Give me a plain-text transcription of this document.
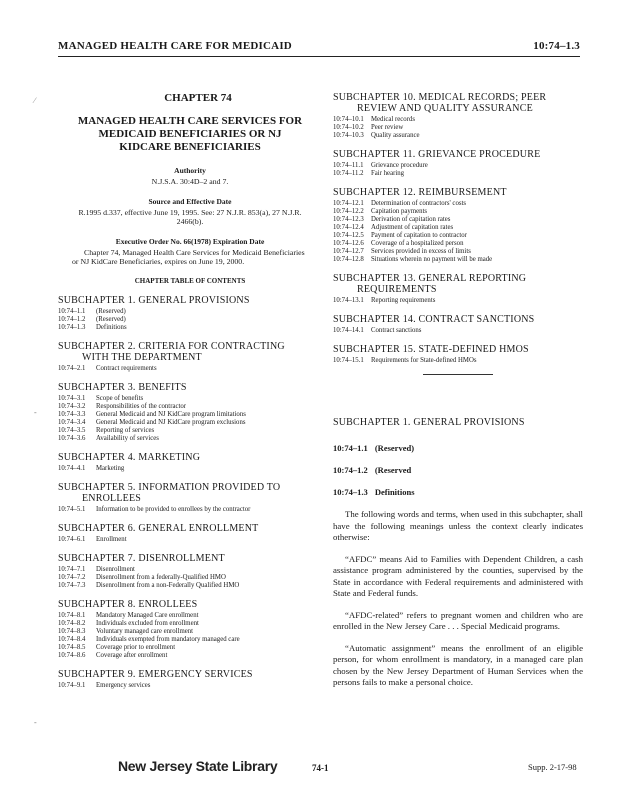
MANAGED HEALTH CARE FOR MEDICAID	10:74–1.3
CHAPTER 74
MANAGED HEALTH CARE SERVICES FOR MEDICAID BENEFICIARIES OR NJ KIDCARE BENEFICIARIES
Authority
N.J.S.A. 30:4D–2 and 7.
Source and Effective Date
R.1995 d.337, effective June 19, 1995. See: 27 N.J.R. 853(a), 27 N.J.R. 2466(b).
Executive Order No. 66(1978) Expiration Date
Chapter 74, Managed Health Care Services for Medicaid Beneficiaries or NJ KidCare Beneficiaries, expires on June 19, 2000.
CHAPTER TABLE OF CONTENTS
SUBCHAPTER 1. GENERAL PROVISIONS
10:74–1.1	(Reserved)
10:74–1.2	(Reserved)
10:74–1.3	Definitions
SUBCHAPTER 2. CRITERIA FOR CONTRACTING
WITH THE DEPARTMENT
10:74–2.1	Contract requirements
SUBCHAPTER 3. BENEFITS
10:74–3.1	Scope of benefits
10:74–3.2	Responsibilities of the contractor
10:74–3.3	General Medicaid and NJ KidCare program limitations
10:74–3.4	General Medicaid and NJ KidCare program exclusions
10:74–3.5	Reporting of services
10:74–3.6	Availability of services
SUBCHAPTER 4. MARKETING
10:74–4.1	Marketing
SUBCHAPTER 5. INFORMATION PROVIDED TO
ENROLLEES
10:74–5.1	Information to be provided to enrollees by the contractor
SUBCHAPTER 6. GENERAL ENROLLMENT
10:74–6.1	Enrollment
SUBCHAPTER 7. DISENROLLMENT
10:74–7.1	Disenrollment
10:74–7.2	Disenrollment from a federally-Qualified HMO
10:74–7.3	Disenrollment from a non-Federally Qualified HMO
SUBCHAPTER 8. ENROLLEES
10:74–8.1	Mandatory Managed Care enrollment
10:74–8.2	Individuals excluded from enrollment
10:74–8.3	Voluntary managed care enrollment
10:74–8.4	Individuals exempted from mandatory managed care
10:74–8.5	Coverage prior to enrollment
10:74–8.6	Coverage after enrollment
SUBCHAPTER 9. EMERGENCY SERVICES
10:74–9.1	Emergency services
SUBCHAPTER 10. MEDICAL RECORDS; PEER
REVIEW AND QUALITY ASSURANCE
10:74–10.1	Medical records
10:74–10.2	Peer review
10:74–10.3	Quality assurance
SUBCHAPTER 11. GRIEVANCE PROCEDURE
10:74–11.1	Grievance procedure
10:74–11.2	Fair hearing
SUBCHAPTER 12. REIMBURSEMENT
10:74–12.1	Determination of contractors' costs
10:74–12.2	Capitation payments
10:74–12.3	Derivation of capitation rates
10:74–12.4	Adjustment of capitation rates
10:74–12.5	Payment of capitation to contractor
10:74–12.6	Coverage of a hospitalized person
10:74–12.7	Services provided in excess of limits
10:74–12.8	Situations wherein no payment will be made
SUBCHAPTER 13. GENERAL REPORTING
REQUIREMENTS
10:74–13.1	Reporting requirements
SUBCHAPTER 14. CONTRACT SANCTIONS
10:74–14.1	Contract sanctions
SUBCHAPTER 15. STATE-DEFINED HMOS
10:74–15.1	Requirements for State-defined HMOs
SUBCHAPTER 1. GENERAL PROVISIONS
10:74–1.1 (Reserved)
10:74–1.2 (Reserved
10:74–1.3 Definitions

The following words and terms, when used in this subchapter, shall have the following meanings unless the context clearly indicates otherwise:

“AFDC” means Aid to Families with Dependent Children, a cash assistance program administered by the counties, supervised by the State in accordance with Federal requirements and administered with State and Federal funds.

“AFDC-related” refers to pregnant women and children who are enrolled in the New Jersey Care . . . Special Medicaid programs.

“Automatic assignment” means the enrollment of an eligible person, for whom enrollment is mandatory, in a managed care plan chosen by the New Jersey Department of Human Services when the persons fails to make a personal choice.

New Jersey State Library	74-1	Supp. 2-17-98
⁄
-
-
